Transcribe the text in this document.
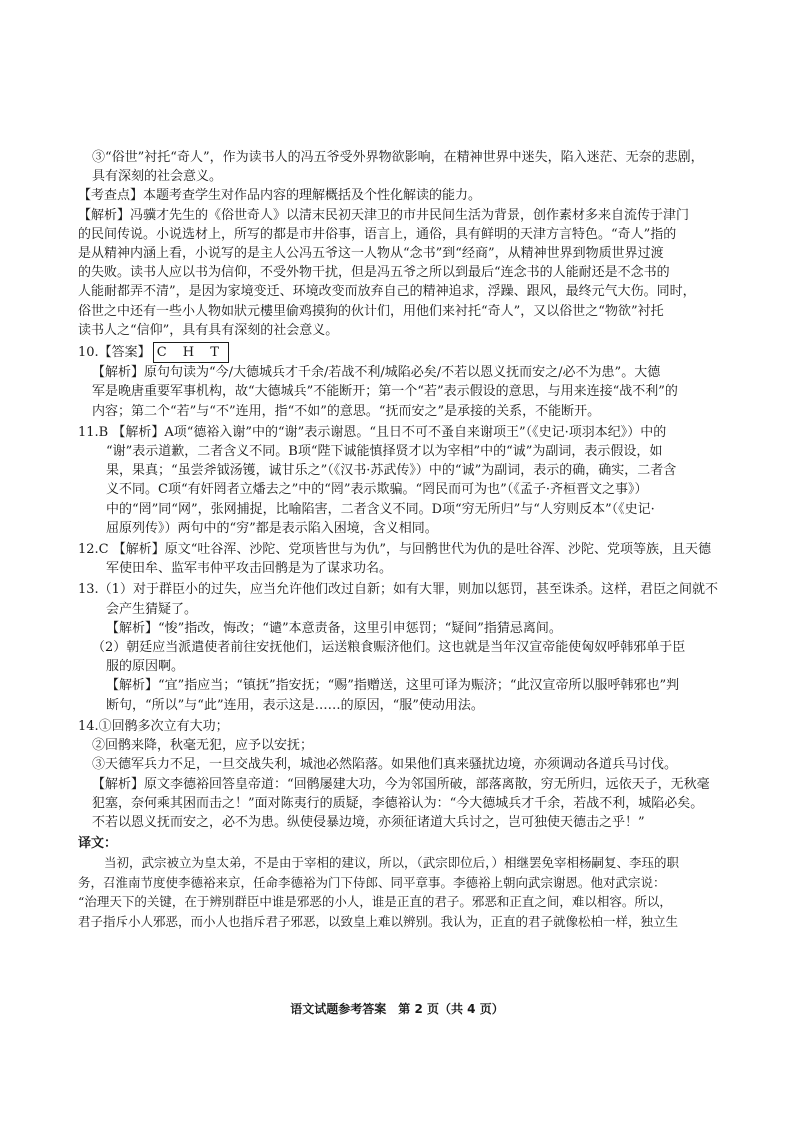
③“俗世”衬托“奇人”，作为读书人的冯五爷受外界物欲影响，在精神世界中迷失，陷入迷茫、无奈的悲剧，

具有深刻的社会意义。

【考查点】本题考查学生对作品内容的理解概括及个性化解读的能力。

【解析】冯骥才先生的《俗世奇人》以清末民初天津卫的市井民间生活为背景，创作素材多来自流传于津门

的民间传说。小说选材上，所写的都是市井俗事，语言上，通俗，具有鲜明的天津方言特色。“奇人”指的

是从精神内涵上看，小说写的是主人公冯五爷这一人物从“念书”到“经商”，从精神世界到物质世界过渡

的失败。读书人应以书为信仰，不受外物干扰，但是冯五爷之所以到最后“连念书的人能耐还是不念书的

人能耐都弄不清”，是因为家境变迁、环境改变而放弃自己的精神追求，浮躁、跟风，最终元气大伤。同时，

俗世之中还有一些小人物如狀元樓里偷鸡摸狗的伙计们，用他们来衬托“奇人”，又以俗世之“物欲”衬托

读书人之“信仰”，具有具有深刻的社会意义。

10.【答案】 C H T

【解析】原句句读为“今/大德城兵才千余/若战不利/城陷必矣/不若以恩义抚而安之/必不为患”。大德

军是晚唐重要军事机构，故“大德城兵”不能断开；第一个“若”表示假设的意思，与用来连接“战不利”的

内容；第二个“若”与“不”连用，指“不如”的意思。“抚而安之”是承接的关系，不能断开。

11.B 【解析】A项“德裕入谢”中的“谢”表示谢恩。“且日不可不蚤自来谢项王”（《史记·项羽本纪》）中的

“谢”表示道歉，二者含义不同。B项“陛下诚能慎择贤才以为宰相”中的“诚”为副词，表示假设，如

果，果真；“虽尝斧钺汤镬，诚甘乐之”（《汉书·苏武传》）中的“诚”为副词，表示的确，确实，二者含

义不同。C项“有奸罔者立燔去之”中的“罔”表示欺骗。“罔民而可为也”（《孟子·齐桓晋文之事》）

中的“罔”同“网”，张网捕捉，比喻陷害，二者含义不同。D项“穷无所归”与“人穷则反本”（《史记·

屈原列传》）两句中的“穷”都是表示陷入困境，含义相同。

12.C 【解析】原文“吐谷浑、沙陀、党项皆世与为仇”，与回鹘世代为仇的是吐谷浑、沙陀、党项等族，且天德

军使田牟、监军韦仲平攻击回鹘是为了谋求功名。

13.（1）对于群臣小的过失，应当允许他们改过自新；如有大罪，则加以惩罚，甚至诛杀。这样，君臣之间就不

会产生猜疑了。

【解析】“悛”指改，悔改；“谴”本意责备，这里引申惩罚；“疑间”指猜忌离间。

（2）朝廷应当派遣使者前往安抚他们，运送粮食赈济他们。这也就是当年汉宣帝能使匈奴呼韩邪单于臣

服的原因啊。

【解析】“宜”指应当；“镇抚”指安抚；“赐”指赠送，这里可译为赈济；“此汉宣帝所以服呼韩邪也”判

断句，“所以”与“此”连用，表示这是……的原因，“服”使动用法。

14.①回鹘多次立有大功；

②回鹘来降，秋毫无犯，应予以安抚；

③天德军兵力不足，一旦交战失利，城池必然陷落。如果他们真来骚扰边境，亦须调动各道兵马讨伐。

【解析】原文李德裕回答皇帝道：“回鹘屡建大功，今为邻国所破，部落离散，穷无所归，远依天子，无秋毫

犯塞，奈何乘其困而击之！”面对陈夷行的质疑，李德裕认为：“今大德城兵才千余，若战不利，城陷必矣。

不若以恩义抚而安之，必不为患。纵使侵暴边境，亦须征诸道大兵讨之，岂可独使天德击之乎！”

译文：

当初，武宗被立为皇太弟，不是由于宰相的建议，所以，（武宗即位后，）相继罢免宰相杨嗣复、李珏的职

务，召淮南节度使李德裕来京，任命李德裕为门下侍郎、同平章事。李德裕上朝向武宗谢恩。他对武宗说：

“治理天下的关键，在于辨别群臣中谁是邪恶的小人，谁是正直的君子。邪恶和正直之间，难以相容。所以，

君子指斥小人邪恶，而小人也指斥君子邪恶，以致皇上难以辨别。我认为，正直的君子就像松柏一样，独立生

语文试题参考答案　第 2 页（共 4 页）
